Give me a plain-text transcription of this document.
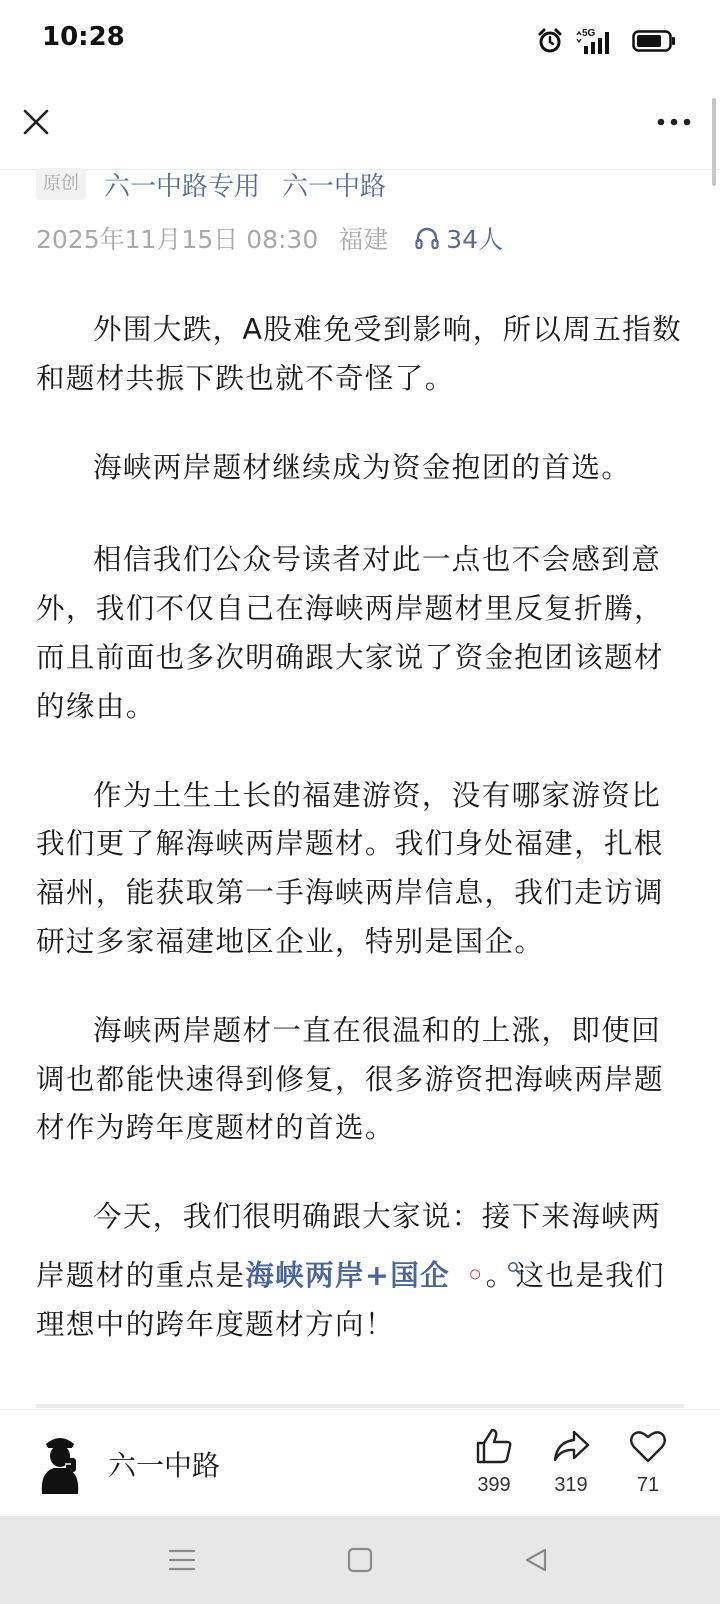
10:28	5G
原创 六一中路专用 六一中路
2025年11月15日 08:30 福建 34人

外围大跌，A股难免受到影响，所以周五指数和题材共振下跌也就不奇怪了。

海峡两岸题材继续成为资金抱团的首选。

相信我们公众号读者对此一点也不会感到意外，我们不仅自己在海峡两岸题材里反复折腾，而且前面也多次明确跟大家说了资金抱团该题材的缘由。

作为土生土长的福建游资，没有哪家游资比我们更了解海峡两岸题材。我们身处福建，扎根福州，能获取第一手海峡两岸信息，我们走访调研过多家福建地区企业，特别是国企。

海峡两岸题材一直在很温和的上涨，即使回调也都能快速得到修复，很多游资把海峡两岸题材作为跨年度题材的首选。

今天，我们很明确跟大家说：接下来海峡两岸题材的重点是海峡两岸+国企 ◦。这也是我们理想中的跨年度题材方向！

六一中路
399	319	71
